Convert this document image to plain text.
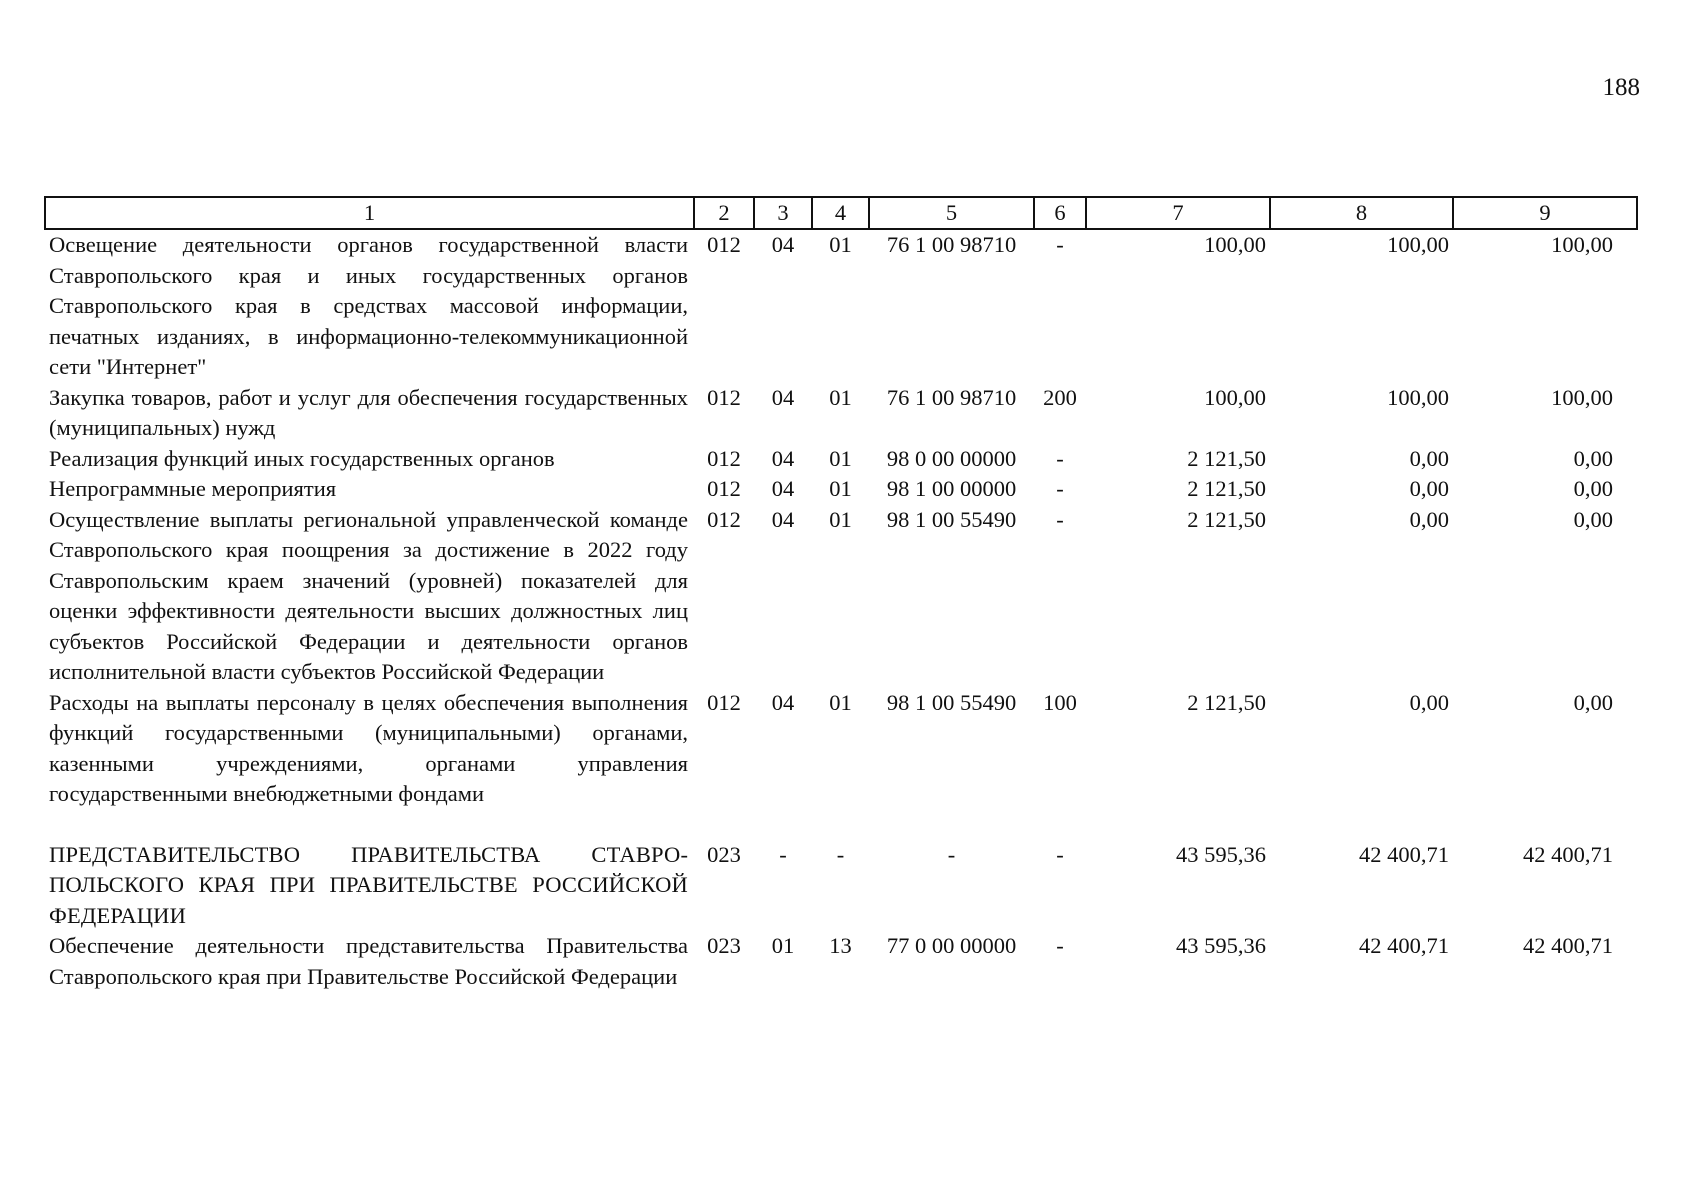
188
1	2	3	4	5	6	7	8	9
Освещение деятельности органов государственной власти Ставропольского края и иных государственных органов Ставропольского края в средствах массовой информации, печатных изданиях, в информационно-телекоммуникационной сети "Интернет"	012	04	01	76 1 00 98710	-	100,00	100,00	100,00
Закупка товаров, работ и услуг для обеспечения государственных (муниципальных) нужд	012	04	01	76 1 00 98710	200	100,00	100,00	100,00
Реализация функций иных государственных органов	012	04	01	98 0 00 00000	-	2 121,50	0,00	0,00
Непрограммные мероприятия	012	04	01	98 1 00 00000	-	2 121,50	0,00	0,00
Осуществление выплаты региональной управленческой команде Ставропольского края поощрения за достижение в 2022 году Ставропольским краем значений (уровней) показателей для оценки эффективности деятельности высших должностных лиц субъектов Российской Федерации и деятельности органов исполнительной власти субъектов Российской Федерации	012	04	01	98 1 00 55490	-	2 121,50	0,00	0,00
Расходы на выплаты персоналу в целях обеспечения выполнения функций государственными (муниципальными) органами, казенными учреждениями, органами управления государственными внебюджетными фондами	012	04	01	98 1 00 55490	100	2 121,50	0,00	0,00

ПРЕДСТАВИТЕЛЬСТВО ПРАВИТЕЛЬСТВА СТАВРОПОЛЬСКОГО КРАЯ ПРИ ПРАВИТЕЛЬСТВЕ РОССИЙСКОЙ ФЕДЕРАЦИИ	023	-	-	-	-	43 595,36	42 400,71	42 400,71
Обеспечение деятельности представительства Правительства Ставропольского края при Правительстве Российской Федерации	023	01	13	77 0 00 00000	-	43 595,36	42 400,71	42 400,71
